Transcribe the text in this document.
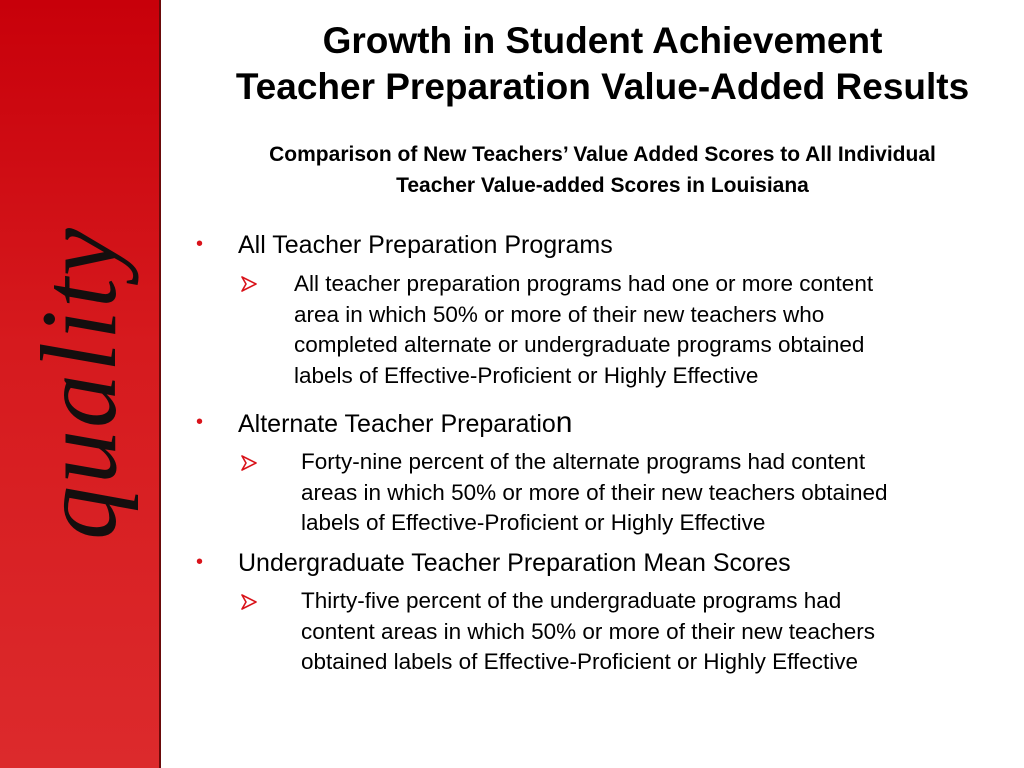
quality
Growth in Student Achievement
Teacher Preparation Value-Added Results
Comparison of New Teachers’ Value Added Scores to All Individual
Teacher Value-added Scores in Louisiana
• All Teacher Preparation Programs
All teacher preparation programs had one or more content
area in which 50% or more of their new teachers who
completed alternate or undergraduate programs obtained
labels of Effective-Proficient or Highly Effective
• Alternate Teacher Preparation
Forty-nine percent of the alternate programs had content
areas in which 50% or more of their new teachers obtained
labels of Effective-Proficient or Highly Effective
• Undergraduate Teacher Preparation Mean Scores
Thirty-five percent of the undergraduate programs had
content areas in which 50% or more of their new teachers
obtained labels of Effective-Proficient or Highly Effective
